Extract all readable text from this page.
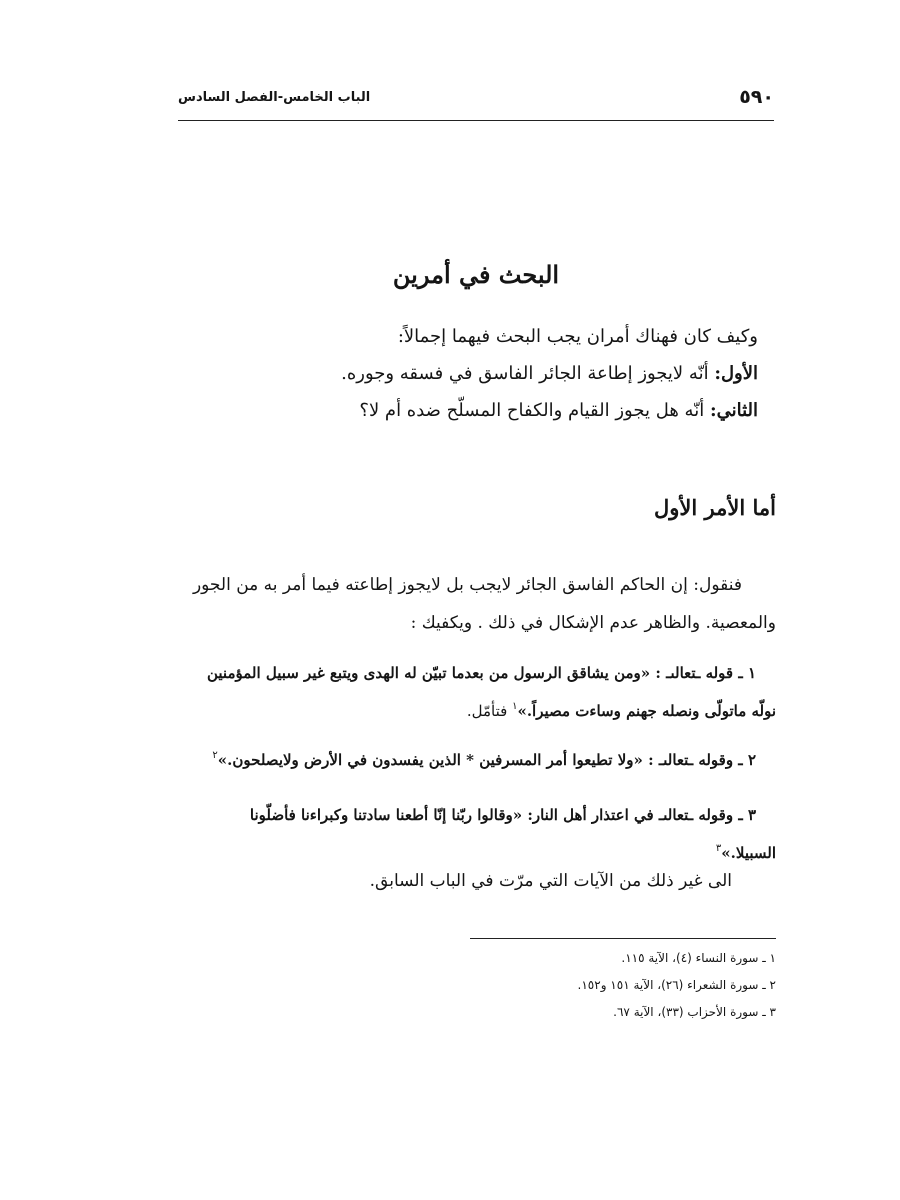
٥٩٠
الباب الخامس-الفصل السادس
البحث في أمرين
وكيف كان فهناك أمران يجب البحث فيهما إجمالاً:
الأول: أنّه لايجوز إطاعة الجائر الفاسق في فسقه وجوره.
الثاني: أنّه هل يجوز القيام والكفاح المسلّح ضده أم لا؟
أما الأمر الأول
فنقول: إن الحاكم الفاسق الجائر لايجب بل لايجوز إطاعته فيما أمر به من الجور
والمعصية. والظاهر عدم الإشكال في ذلك . ويكفيك :
١ ـ قوله ـتعالىـ : «ومن يشاقق الرسول من بعدما تبيّن له الهدى ويتبع غير سبيل المؤمنين
نولّه ماتولّى ونصله جهنم وساءت مصيراً.»$^١$ فتأمّل.
٢ ـ وقوله ـتعالىـ : «ولا تطيعوا أمر المسرفين * الذين يفسدون في الأرض ولايصلحون.»$^٢$
٣ ـ وقوله ـتعالىـ في اعتذار أهل النار: «وقالوا ربّنا إنّا أطعنا سادتنا وكبراءنا فأضلّونا
السبيلا.»$^٣$
الى غير ذلك من الآيات التي مرّت في الباب السابق.
١ ـ سورة النساء (٤)، الآية ١١٥.
٢ ـ سورة الشعراء (٢٦)، الآية ١٥١ و١٥٢.
٣ ـ سورة الأحزاب (٣٣)، الآية ٦٧.
